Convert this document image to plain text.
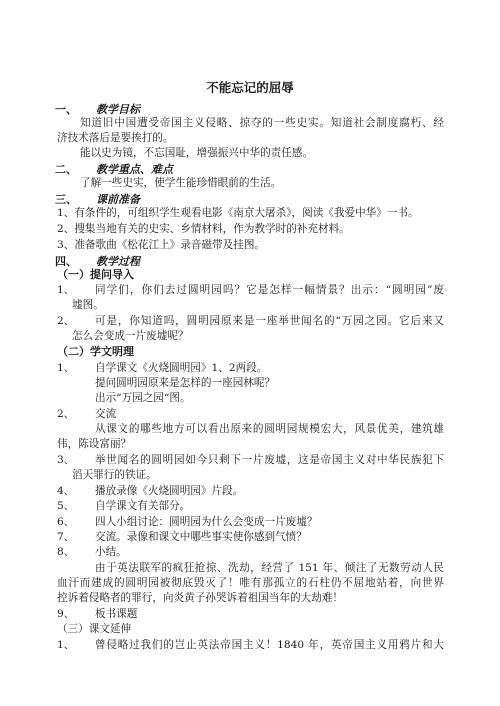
不能忘记的屈辱
一、 教学目标
知道旧中国遭受帝国主义侵略、掠夺的一些史实。知道社会制度腐朽、经
济技术落后是要挨打的。
能以史为镜，不忘国耻，增强振兴中华的责任感。
二、 教学重点、难点
了解一些史实，使学生能珍惜眼前的生活。
三、 课前准备
1、有条件的，可组织学生观看电影《南京大屠杀》，阅读《我爱中华》一书。
2、搜集当地有关的史实、乡情材料，作为教学时的补充材料。
3、准备歌曲《松花江上》录音磁带及挂图。
四、 教学过程
（一）提问导入
1、 同学们，你们去过圆明园吗？它是怎样一幅情景？出示：“圆明园”废
墟图。
2、 可是，你知道吗，圆明园原来是一座举世闻名的“万园之园。它后来又
怎么会变成一片废墟呢？
（二）学文明理
1、 自学课文《火烧圆明园》1、2两段。
提问圆明园原来是怎样的一座园林呢？
出示“万园之园“图。
2、 交流
从课文的哪些地方可以看出原来的圆明园规模宏大，风景优美，建筑雄
伟，陈设富丽？
3、 举世闻名的圆明园如今只剩下一片废墟，这是帝国主义对中华民族犯下
滔天罪行的铁证。
4、 播放录像《火烧圆明园》片段。
5、 自学课文有关部分。
6、 四人小组讨论：圆明园为什么会变成一片废墟？
7、 交流。录像和课文中哪些事实使你感到气愤？
8、 小结。
由于英法联军的疯狂抢掠、洗劫，经营了 151 年、倾注了无数劳动人民
血汗而建成的圆明园被彻底毁灭了！唯有那孤立的石柱仍不屈地站着，向世界
控诉着侵略者的罪行，向炎黄子孙哭诉着祖国当年的大劫难！
9、 板书课题
（三）课文延伸
1、 曾侵略过我们的岂止英法帝国主义！1840 年，英帝国主义用鸦片和大
